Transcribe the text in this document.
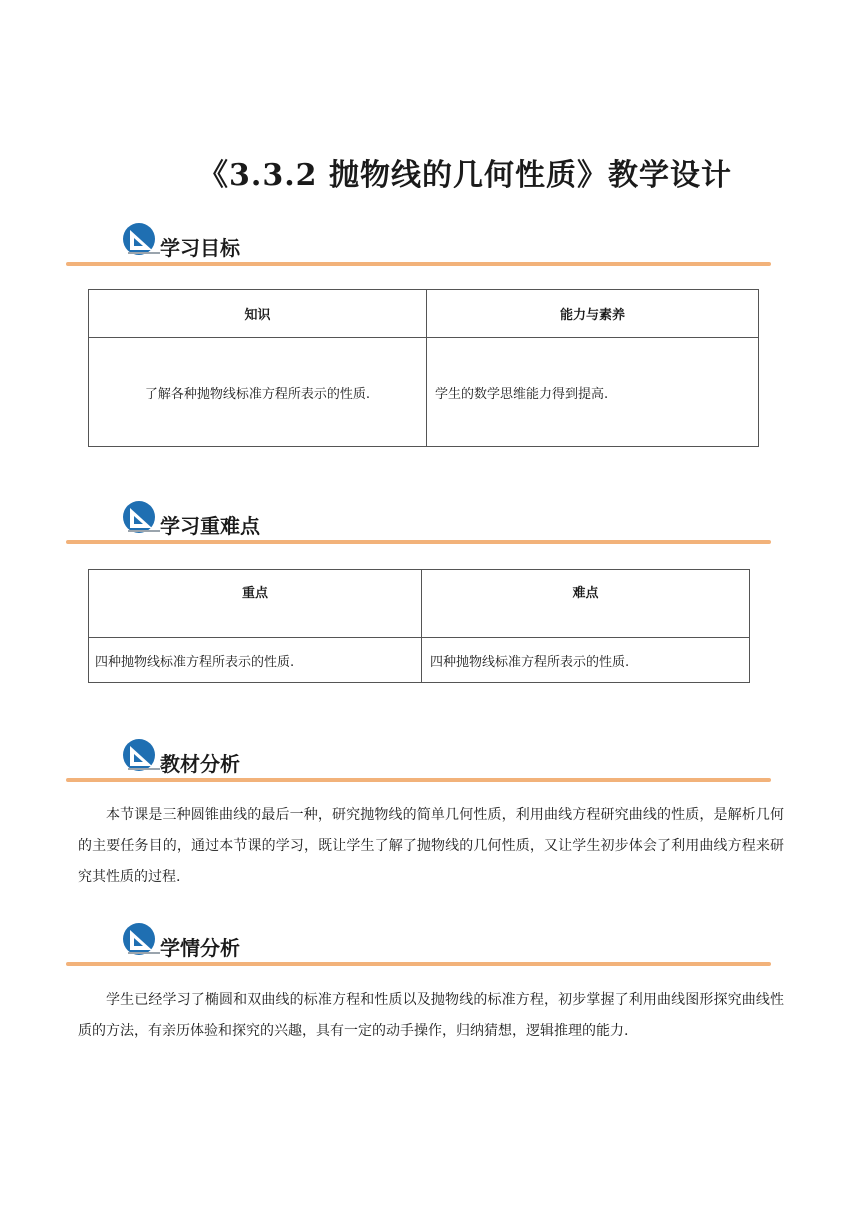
《3.3.2 抛物线的几何性质》教学设计
学习目标
知识	能力与素养
了解各种抛物线标准方程所表示的性质.	学生的数学思维能力得到提高.
学习重难点
重点	难点
四种抛物线标准方程所表示的性质.	四种抛物线标准方程所表示的性质.
教材分析
本节课是三种圆锥曲线的最后一种，研究抛物线的简单几何性质，利用曲线方程研究曲线的性质，是解析几何的主要任务目的，通过本节课的学习，既让学生了解了抛物线的几何性质，又让学生初步体会了利用曲线方程来研究其性质的过程.
学情分析
学生已经学习了椭圆和双曲线的标准方程和性质以及抛物线的标准方程，初步掌握了利用曲线图形探究曲线性质的方法，有亲历体验和探究的兴趣，具有一定的动手操作，归纳猜想，逻辑推理的能力.
